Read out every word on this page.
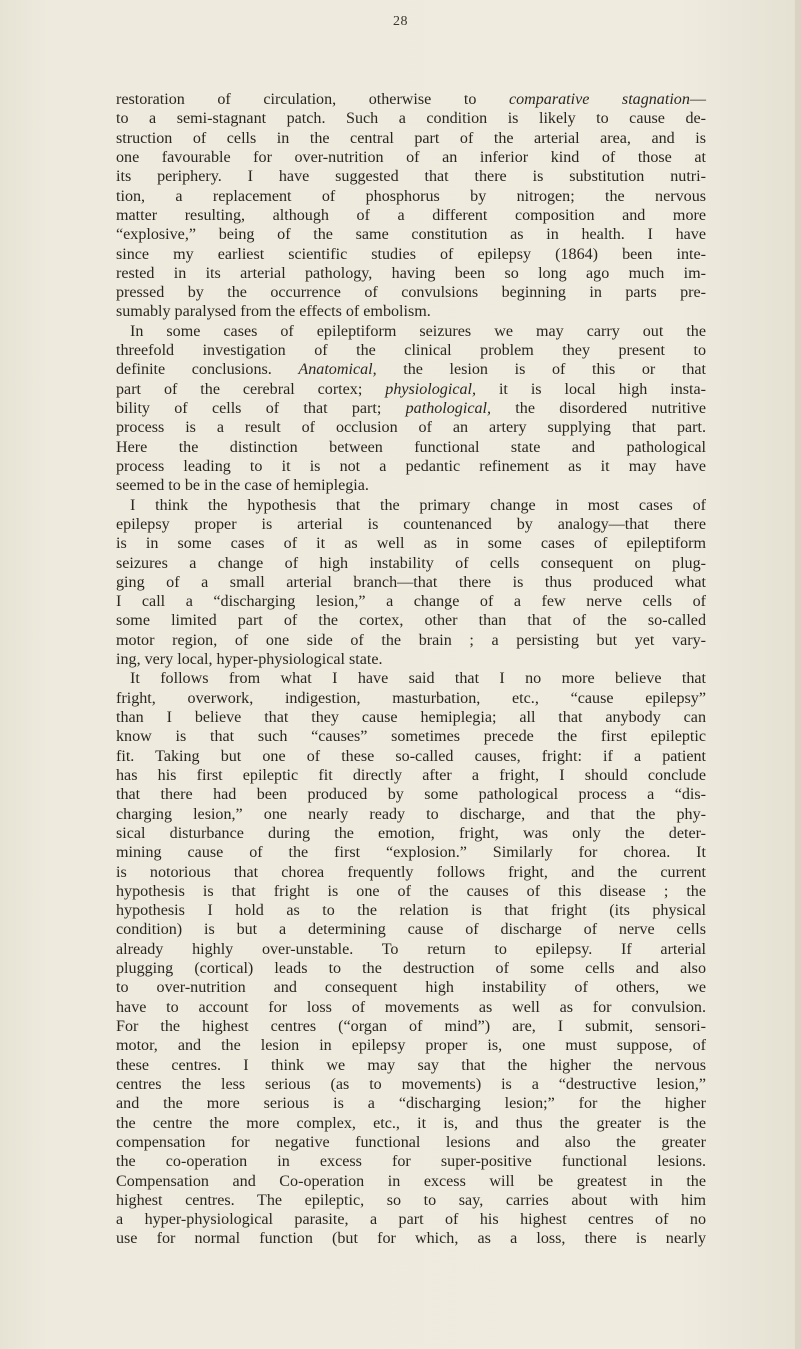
28
restoration of circulation, otherwise to comparative stagnation—
to a semi-stagnant patch. Such a condition is likely to cause de-
struction of cells in the central part of the arterial area, and is
one favourable for over-nutrition of an inferior kind of those at
its periphery. I have suggested that there is substitution nutri-
tion, a replacement of phosphorus by nitrogen; the nervous
matter resulting, although of a different composition and more
“explosive,” being of the same constitution as in health. I have
since my earliest scientific studies of epilepsy (1864) been inte-
rested in its arterial pathology, having been so long ago much im-
pressed by the occurrence of convulsions beginning in parts pre-
sumably paralysed from the effects of embolism.
In some cases of epileptiform seizures we may carry out the
threefold investigation of the clinical problem they present to
definite conclusions. Anatomical, the lesion is of this or that
part of the cerebral cortex; physiological, it is local high insta-
bility of cells of that part; pathological, the disordered nutritive
process is a result of occlusion of an artery supplying that part.
Here the distinction between functional state and pathological
process leading to it is not a pedantic refinement as it may have
seemed to be in the case of hemiplegia.
I think the hypothesis that the primary change in most cases of
epilepsy proper is arterial is countenanced by analogy—that there
is in some cases of it as well as in some cases of epileptiform
seizures a change of high instability of cells consequent on plug-
ging of a small arterial branch—that there is thus produced what
I call a “discharging lesion,” a change of a few nerve cells of
some limited part of the cortex, other than that of the so-called
motor region, of one side of the brain ; a persisting but yet vary-
ing, very local, hyper-physiological state.
It follows from what I have said that I no more believe that
fright, overwork, indigestion, masturbation, etc., “cause epilepsy”
than I believe that they cause hemiplegia; all that anybody can
know is that such “causes” sometimes precede the first epileptic
fit. Taking but one of these so-called causes, fright: if a patient
has his first epileptic fit directly after a fright, I should conclude
that there had been produced by some pathological process a “dis-
charging lesion,” one nearly ready to discharge, and that the phy-
sical disturbance during the emotion, fright, was only the deter-
mining cause of the first “explosion.” Similarly for chorea. It
is notorious that chorea frequently follows fright, and the current
hypothesis is that fright is one of the causes of this disease ; the
hypothesis I hold as to the relation is that fright (its physical
condition) is but a determining cause of discharge of nerve cells
already highly over-unstable. To return to epilepsy. If arterial
plugging (cortical) leads to the destruction of some cells and also
to over-nutrition and consequent high instability of others, we
have to account for loss of movements as well as for convulsion.
For the highest centres (“organ of mind”) are, I submit, sensori-
motor, and the lesion in epilepsy proper is, one must suppose, of
these centres. I think we may say that the higher the nervous
centres the less serious (as to movements) is a “destructive lesion,”
and the more serious is a “discharging lesion;” for the higher
the centre the more complex, etc., it is, and thus the greater is the
compensation for negative functional lesions and also the greater
the co-operation in excess for super-positive functional lesions.
Compensation and Co-operation in excess will be greatest in the
highest centres. The epileptic, so to say, carries about with him
a hyper-physiological parasite, a part of his highest centres of no
use for normal function (but for which, as a loss, there is nearly
